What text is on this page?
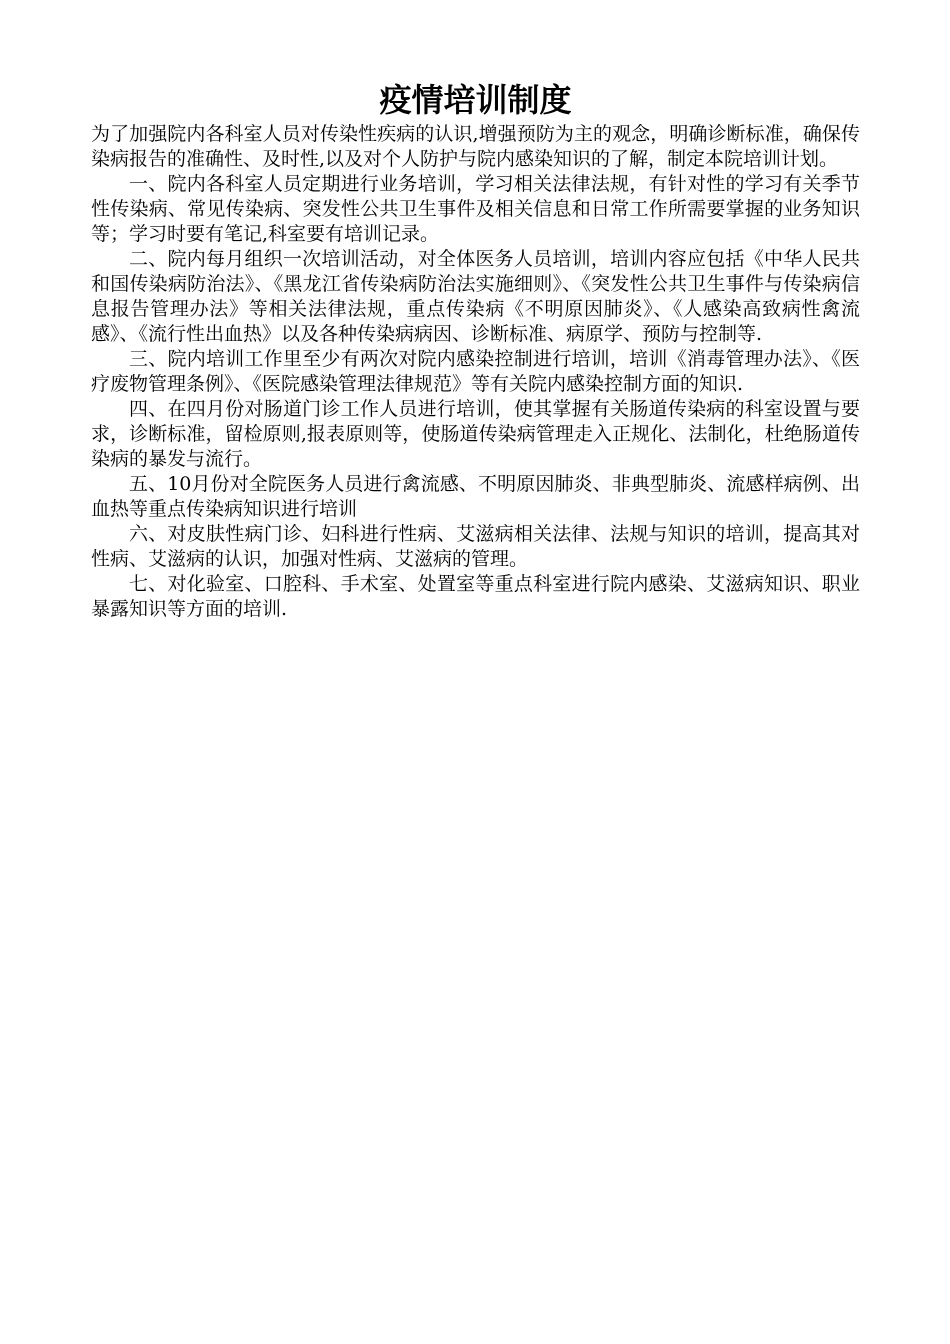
疫情培训制度

为了加强院内各科室人员对传染性疾病的认识,增强预防为主的观念，明确诊断标准，确保传染病报告的准确性、及时性,以及对个人防护与院内感染知识的了解，制定本院培训计划。

一、院内各科室人员定期进行业务培训，学习相关法律法规，有针对性的学习有关季节性传染病、常见传染病、突发性公共卫生事件及相关信息和日常工作所需要掌握的业务知识等；学习时要有笔记,科室要有培训记录。

二、院内每月组织一次培训活动，对全体医务人员培训，培训内容应包括《中华人民共和国传染病防治法》、《黑龙江省传染病防治法实施细则》、《突发性公共卫生事件与传染病信息报告管理办法》等相关法律法规，重点传染病《不明原因肺炎》、《人感染高致病性禽流感》、《流行性出血热》以及各种传染病病因、诊断标准、病原学、预防与控制等.

三、院内培训工作里至少有两次对院内感染控制进行培训，培训《消毒管理办法》、《医疗废物管理条例》、《医院感染管理法律规范》等有关院内感染控制方面的知识.

四、在四月份对肠道门诊工作人员进行培训，使其掌握有关肠道传染病的科室设置与要求，诊断标准，留检原则,报表原则等，使肠道传染病管理走入正规化、法制化，杜绝肠道传染病的暴发与流行。

五、10月份对全院医务人员进行禽流感、不明原因肺炎、非典型肺炎、流感样病例、出血热等重点传染病知识进行培训

六、对皮肤性病门诊、妇科进行性病、艾滋病相关法律、法规与知识的培训，提高其对性病、艾滋病的认识，加强对性病、艾滋病的管理。

七、对化验室、口腔科、手术室、处置室等重点科室进行院内感染、艾滋病知识、职业暴露知识等方面的培训.
